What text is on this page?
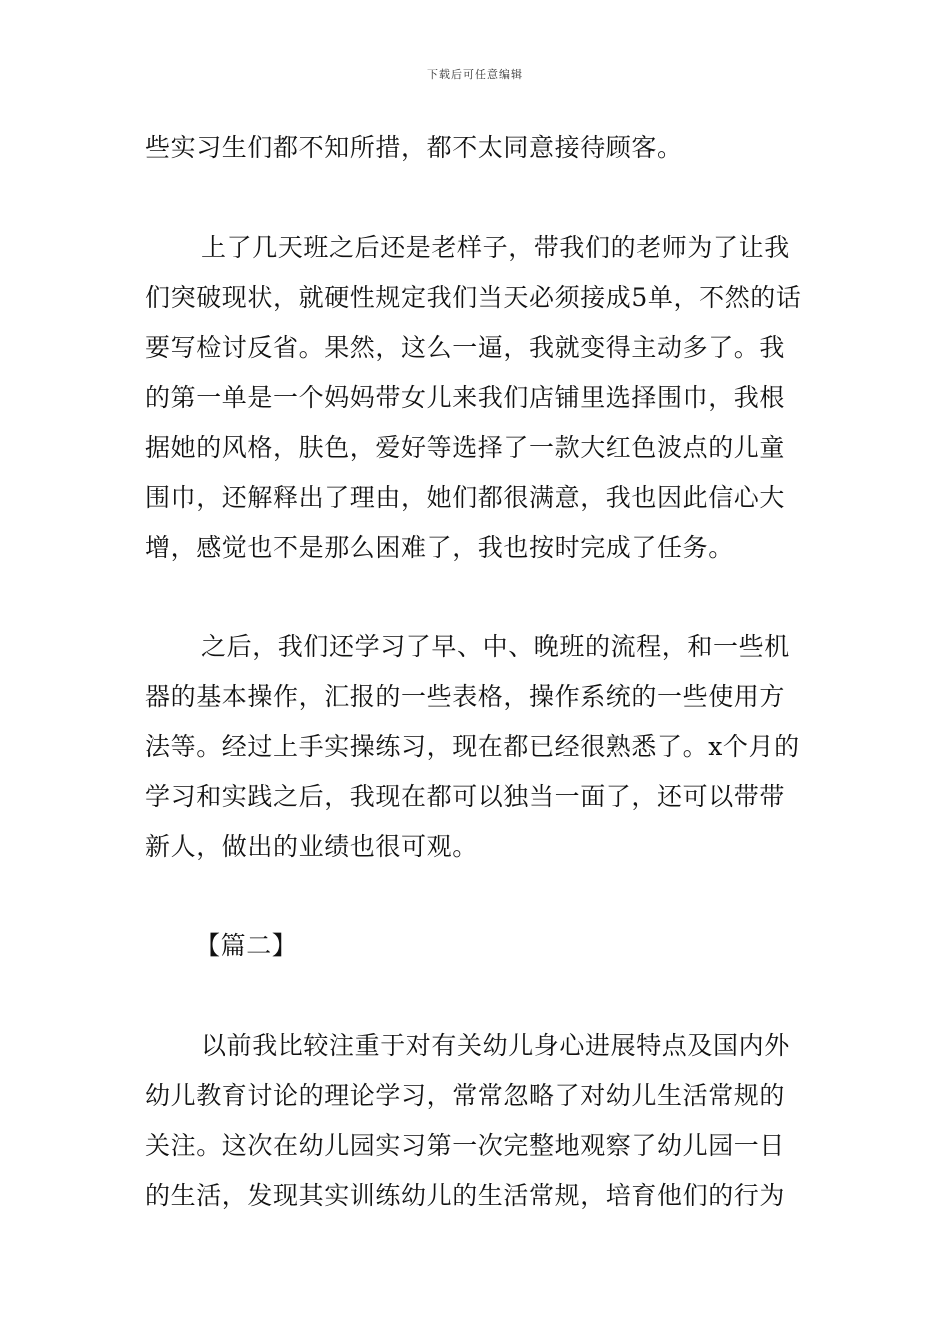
下载后可任意编辑
些实习生们都不知所措，都不太同意接待顾客。
上了几天班之后还是老样子，带我们的老师为了让我
们突破现状，就硬性规定我们当天必须接成5单，不然的话
要写检讨反省。果然，这么一逼，我就变得主动多了。我
的第一单是一个妈妈带女儿来我们店铺里选择围巾，我根
据她的风格，肤色，爱好等选择了一款大红色波点的儿童
围巾，还解释出了理由，她们都很满意，我也因此信心大
增，感觉也不是那么困难了，我也按时完成了任务。
之后，我们还学习了早、中、晚班的流程，和一些机
器的基本操作，汇报的一些表格，操作系统的一些使用方
法等。经过上手实操练习，现在都已经很熟悉了。x个月的
学习和实践之后，我现在都可以独当一面了，还可以带带
新人，做出的业绩也很可观。
【篇二】
以前我比较注重于对有关幼儿身心进展特点及国内外
幼儿教育讨论的理论学习，常常忽略了对幼儿生活常规的
关注。这次在幼儿园实习第一次完整地观察了幼儿园一日
的生活，发现其实训练幼儿的生活常规，培育他们的行为
